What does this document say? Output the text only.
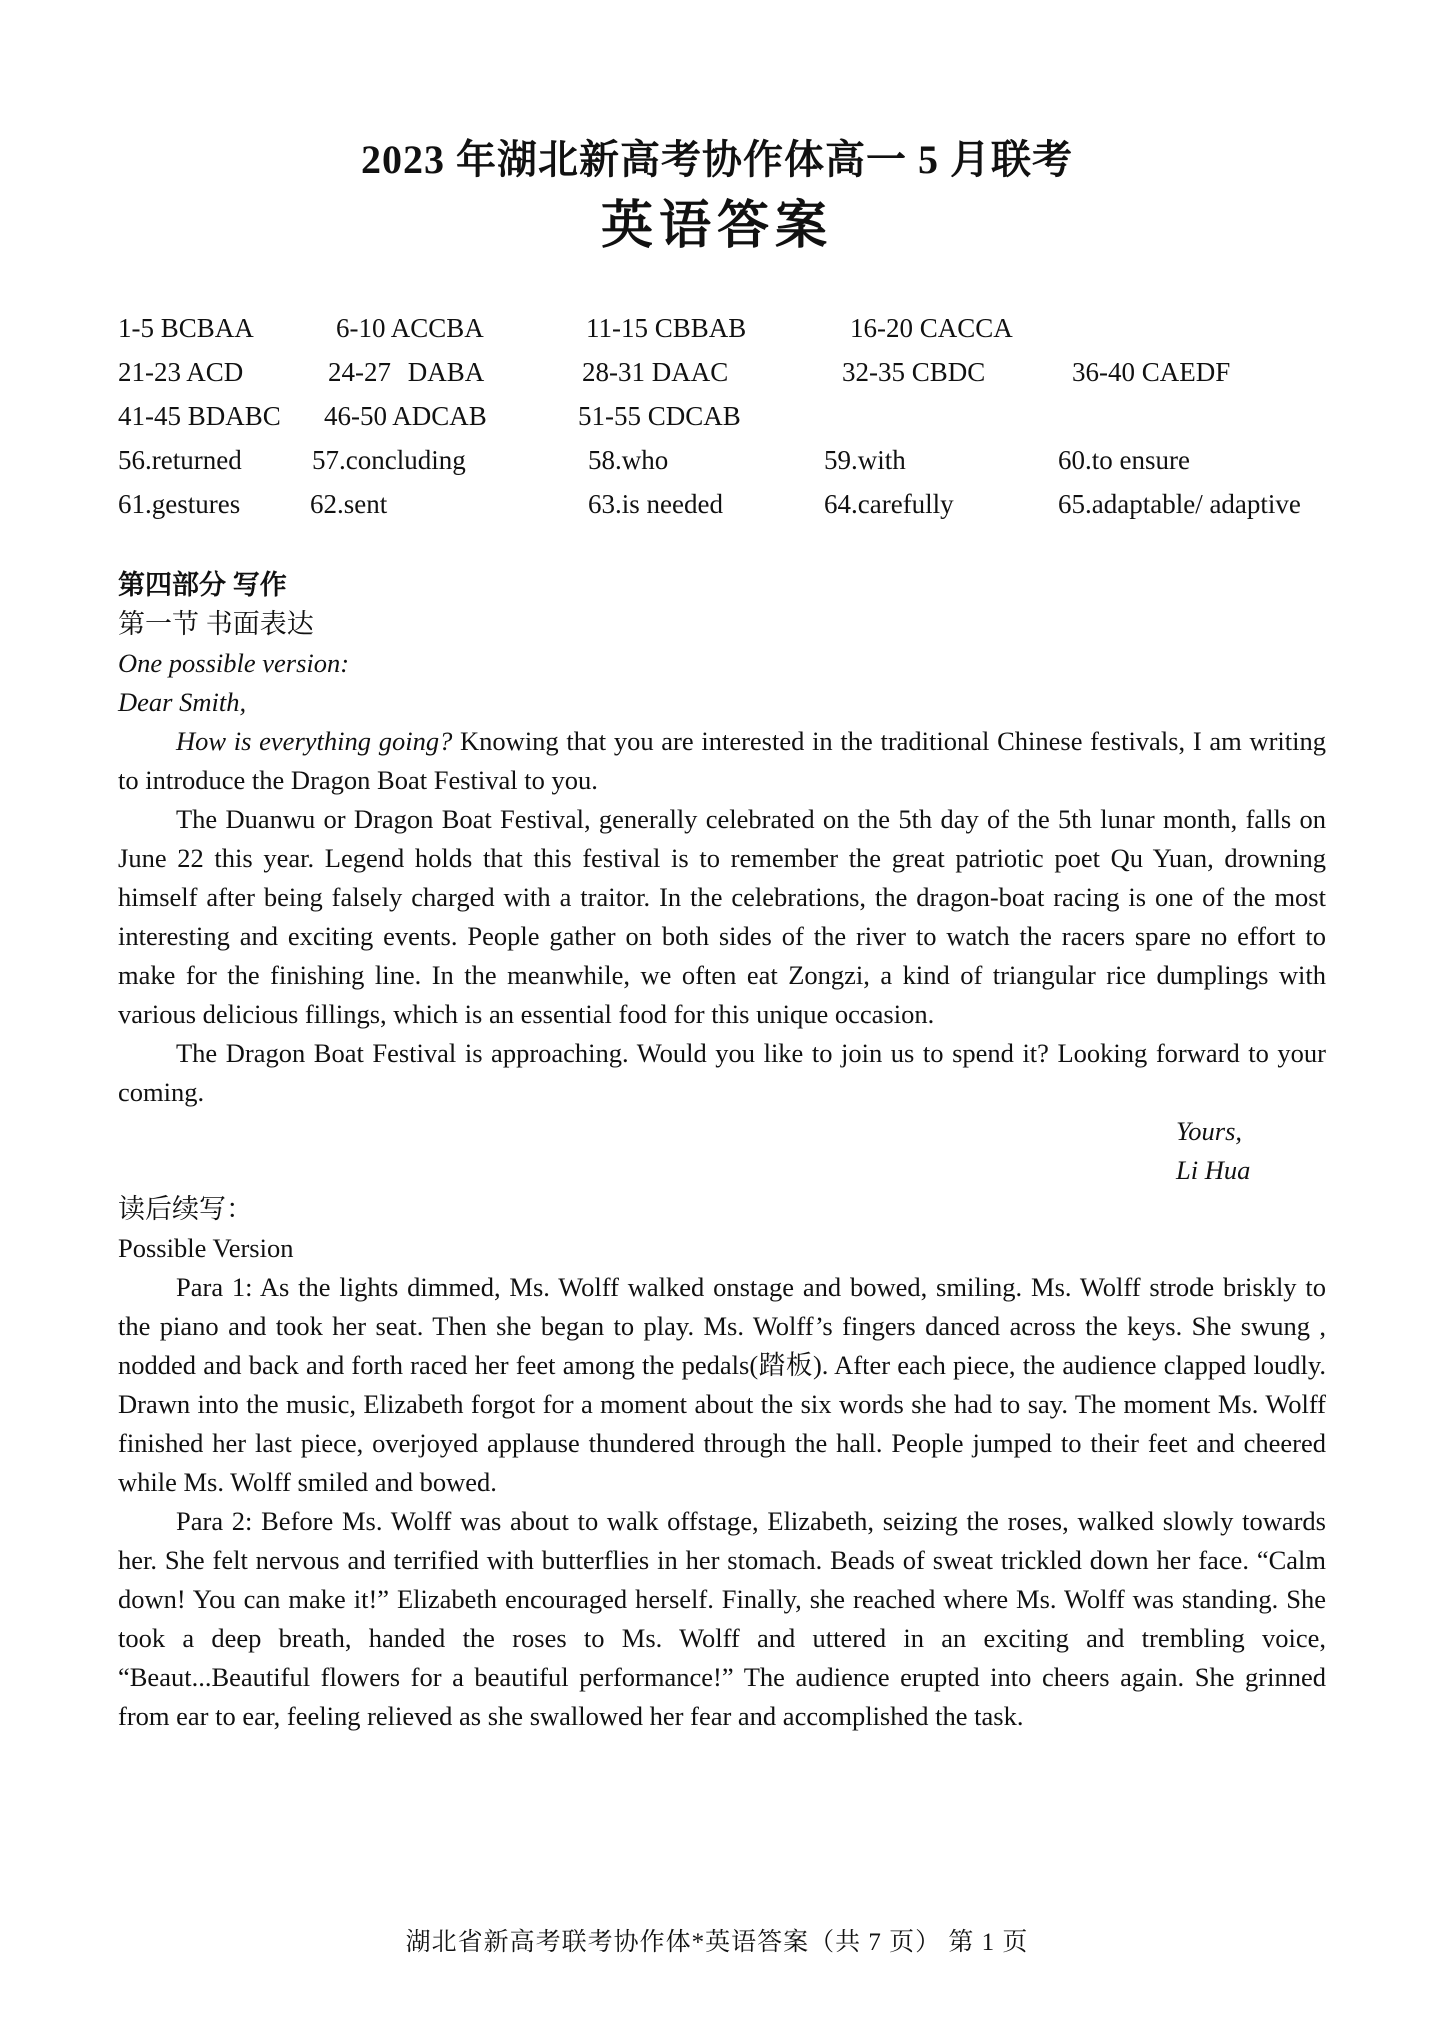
2023 年湖北新高考协作体高一 5 月联考
英语答案
1-5 BCBAA	6-10 ACCBA	11-15 CBBAB	16-20 CACCA
21-23 ACD	24-27 DABA	28-31 DAAC	32-35 CBDC	36-40 CAEDF
41-45 BDABC 46-50 ADCAB	51-55 CDCAB
56.returned	57.concluding	58.who	59.with	60.to ensure
61.gestures	62.sent	63.is needed	64.carefully	65.adaptable/ adaptive

第四部分 写作

第一节 书面表达

One possible version:

Dear Smith,

How is everything going? Knowing that you are interested in the traditional Chinese festivals, I am writing to introduce the Dragon Boat Festival to you.

The Duanwu or Dragon Boat Festival, generally celebrated on the 5th day of the 5th lunar month, falls on June 22 this year. Legend holds that this festival is to remember the great patriotic poet Qu Yuan, drowning himself after being falsely charged with a traitor. In the celebrations, the dragon-boat racing is one of the most interesting and exciting events. People gather on both sides of the river to watch the racers spare no effort to make for the finishing line. In the meanwhile, we often eat Zongzi, a kind of triangular rice dumplings with various delicious fillings, which is an essential food for this unique occasion.

The Dragon Boat Festival is approaching. Would you like to join us to spend it? Looking forward to your coming.

Yours,

Li Hua

读后续写：

Possible Version

Para 1: As the lights dimmed, Ms. Wolff walked onstage and bowed, smiling. Ms. Wolff strode briskly to the piano and took her seat. Then she began to play. Ms. Wolff’s fingers danced across the keys. She swung , nodded and back and forth raced her feet among the pedals(踏板). After each piece, the audience clapped loudly. Drawn into the music, Elizabeth forgot for a moment about the six words she had to say. The moment Ms. Wolff finished her last piece, overjoyed applause thundered through the hall. People jumped to their feet and cheered while Ms. Wolff smiled and bowed.

Para 2: Before Ms. Wolff was about to walk offstage, Elizabeth, seizing the roses, walked slowly towards her. She felt nervous and terrified with butterflies in her stomach. Beads of sweat trickled down her face. “Calm down! You can make it!” Elizabeth encouraged herself. Finally, she reached where Ms. Wolff was standing. She took a deep breath, handed the roses to Ms. Wolff and uttered in an exciting and trembling voice, “Beaut...Beautiful flowers for a beautiful performance!” The audience erupted into cheers again. She grinned from ear to ear, feeling relieved as she swallowed her fear and accomplished the task.

湖北省新高考联考协作体*英语答案（共 7 页） 第 1 页
